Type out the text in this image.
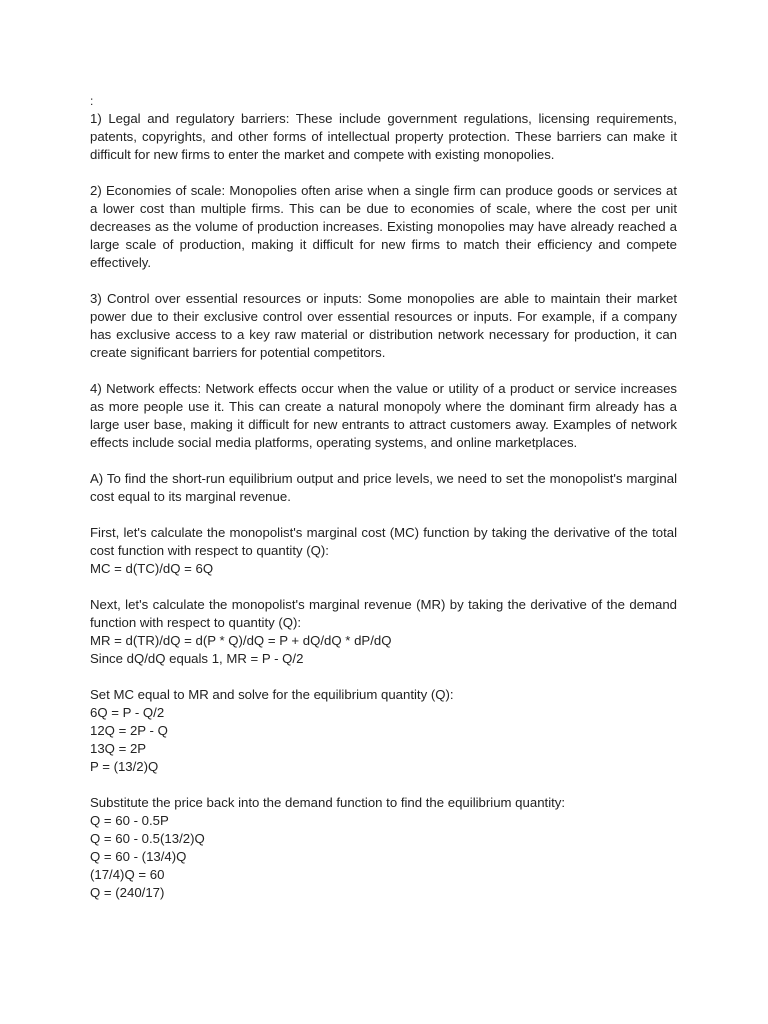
:

1) Legal and regulatory barriers: These include government regulations, licensing requirements, patents, copyrights, and other forms of intellectual property protection. These barriers can make it difficult for new firms to enter the market and compete with existing monopolies.

2) Economies of scale: Monopolies often arise when a single firm can produce goods or services at a lower cost than multiple firms. This can be due to economies of scale, where the cost per unit decreases as the volume of production increases. Existing monopolies may have already reached a large scale of production, making it difficult for new firms to match their efficiency and compete effectively.

3) Control over essential resources or inputs: Some monopolies are able to maintain their market power due to their exclusive control over essential resources or inputs. For example, if a company has exclusive access to a key raw material or distribution network necessary for production, it can create significant barriers for potential competitors.

4) Network effects: Network effects occur when the value or utility of a product or service increases as more people use it. This can create a natural monopoly where the dominant firm already has a large user base, making it difficult for new entrants to attract customers away. Examples of network effects include social media platforms, operating systems, and online marketplaces.

A) To find the short-run equilibrium output and price levels, we need to set the monopolist's marginal cost equal to its marginal revenue.

First, let's calculate the monopolist's marginal cost (MC) function by taking the derivative of the total cost function with respect to quantity (Q):

MC = d(TC)/dQ = 6Q

Next, let's calculate the monopolist's marginal revenue (MR) by taking the derivative of the demand function with respect to quantity (Q):

MR = d(TR)/dQ = d(P * Q)/dQ = P + dQ/dQ * dP/dQ
Since dQ/dQ equals 1, MR = P - Q/2

Set MC equal to MR and solve for the equilibrium quantity (Q):

6Q = P - Q/2
12Q = 2P - Q
13Q = 2P
P = (13/2)Q

Substitute the price back into the demand function to find the equilibrium quantity:

Q = 60 - 0.5P
Q = 60 - 0.5(13/2)Q
Q = 60 - (13/4)Q
(17/4)Q = 60
Q = (240/17)
